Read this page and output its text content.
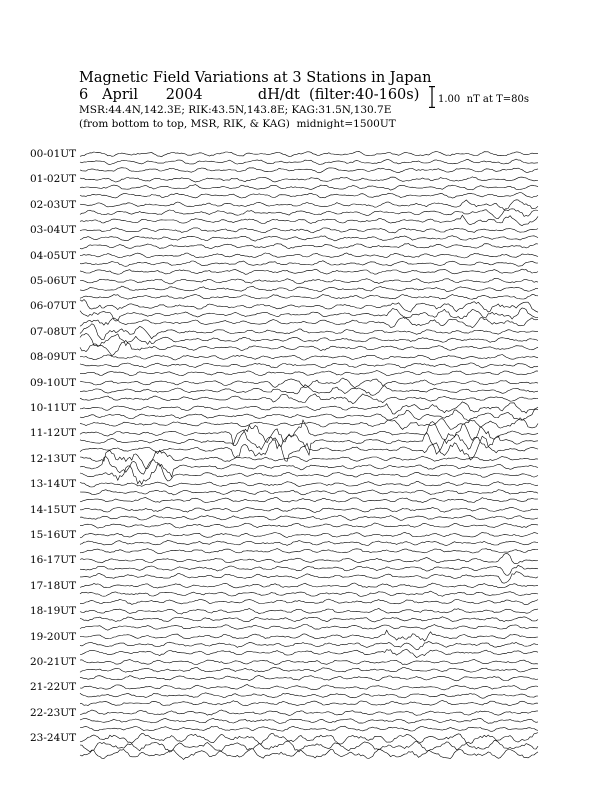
Magnetic Field Variations at 3 Stations in Japan
6 April 2004	dH/dt (filter:40-160s)
MSR:44.4N,142.3E; RIK:43.5N,143.8E; KAG:31.5N,130.7E
(from bottom to top, MSR, RIK, & KAG)  midnight=1500UT
1.00  nT at T=80s
00-01UT
01-02UT
02-03UT
03-04UT
04-05UT
05-06UT
06-07UT
07-08UT
08-09UT
09-10UT
10-11UT
11-12UT
12-13UT
13-14UT
14-15UT
15-16UT
16-17UT
17-18UT
18-19UT
19-20UT
20-21UT
21-22UT
22-23UT
23-24UT
